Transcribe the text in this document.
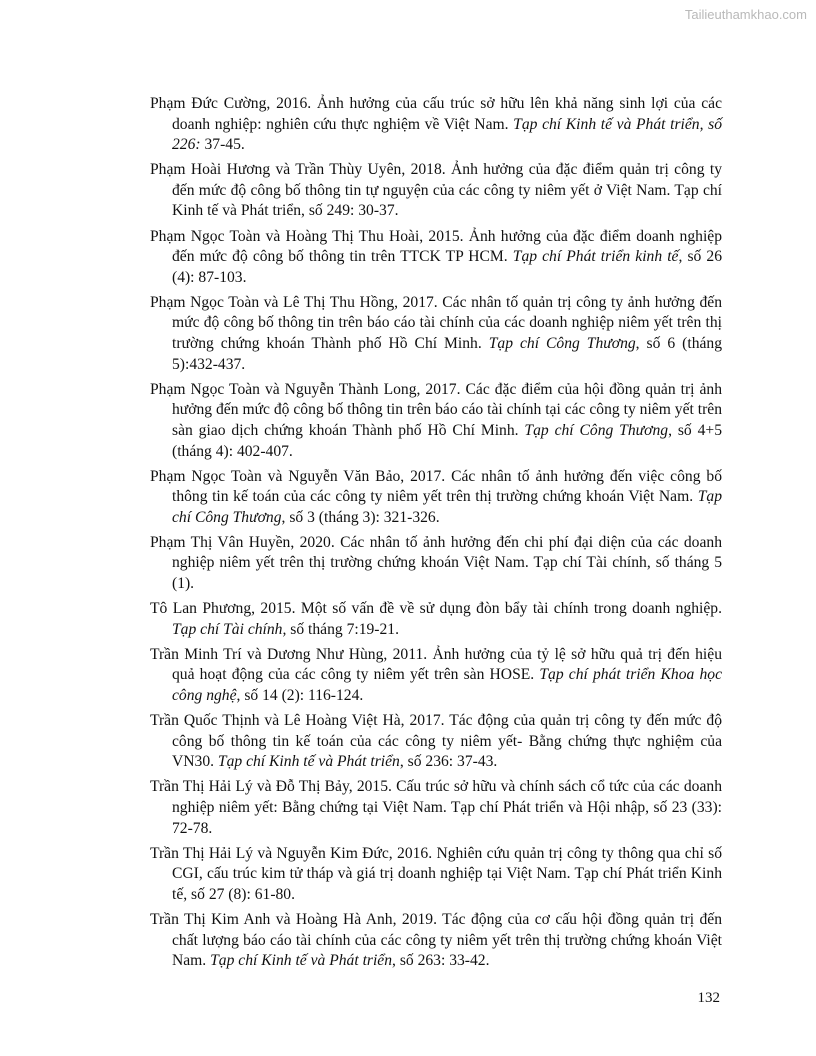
Tailieuthamkhao.com
Phạm Đức Cường, 2016. Ảnh hưởng của cấu trúc sở hữu lên khả năng sinh lợi của các doanh nghiệp: nghiên cứu thực nghiệm về Việt Nam. Tạp chí Kinh tế và Phát triển, số 226: 37-45.
Phạm Hoài Hương và Trần Thùy Uyên, 2018. Ảnh hưởng của đặc điểm quản trị công ty đến mức độ công bố thông tin tự nguyện của các công ty niêm yết ở Việt Nam. Tạp chí Kinh tế và Phát triển, số 249: 30-37.
Phạm Ngọc Toàn và Hoàng Thị Thu Hoài, 2015. Ảnh hưởng của đặc điểm doanh nghiệp đến mức độ công bố thông tin trên TTCK TP HCM. Tạp chí Phát triển kinh tế, số 26 (4): 87-103.
Phạm Ngọc Toàn và Lê Thị Thu Hồng, 2017. Các nhân tố quản trị công ty ảnh hưởng đến mức độ công bố thông tin trên báo cáo tài chính của các doanh nghiệp niêm yết trên thị trường chứng khoán Thành phố Hồ Chí Minh. Tạp chí Công Thương, số 6 (tháng 5):432-437.
Phạm Ngọc Toàn và Nguyễn Thành Long, 2017. Các đặc điểm của hội đồng quản trị ảnh hưởng đến mức độ công bố thông tin trên báo cáo tài chính tại các công ty niêm yết trên sàn giao dịch chứng khoán Thành phố Hồ Chí Minh. Tạp chí Công Thương, số 4+5 (tháng 4): 402-407.
Phạm Ngọc Toàn và Nguyễn Văn Bảo, 2017. Các nhân tố ảnh hưởng đến việc công bố thông tin kế toán của các công ty niêm yết trên thị trường chứng khoán Việt Nam. Tạp chí Công Thương, số 3 (tháng 3): 321-326.
Phạm Thị Vân Huyền, 2020. Các nhân tố ảnh hưởng đến chi phí đại diện của các doanh nghiệp niêm yết trên thị trường chứng khoán Việt Nam. Tạp chí Tài chính, số tháng 5 (1).
Tô Lan Phương, 2015. Một số vấn đề về sử dụng đòn bẩy tài chính trong doanh nghiệp. Tạp chí Tài chính, số tháng 7:19-21.
Trần Minh Trí và Dương Như Hùng, 2011. Ảnh hưởng của tỷ lệ sở hữu quả trị đến hiệu quả hoạt động của các công ty niêm yết trên sàn HOSE. Tạp chí phát triển Khoa học công nghệ, số 14 (2): 116-124.
Trần Quốc Thịnh và Lê Hoàng Việt Hà, 2017. Tác động của quản trị công ty đến mức độ công bố thông tin kế toán của các công ty niêm yết- Bằng chứng thực nghiệm của VN30. Tạp chí Kinh tế và Phát triển, số 236: 37-43.
Trần Thị Hải Lý và Đỗ Thị Bảy, 2015. Cấu trúc sở hữu và chính sách cổ tức của các doanh nghiệp niêm yết: Bằng chứng tại Việt Nam. Tạp chí Phát triển và Hội nhập, số 23 (33): 72-78.
Trần Thị Hải Lý và Nguyễn Kim Đức, 2016. Nghiên cứu quản trị công ty thông qua chỉ số CGI, cấu trúc kim tử tháp và giá trị doanh nghiệp tại Việt Nam. Tạp chí Phát triển Kinh tế, số 27 (8): 61-80.
Trần Thị Kim Anh và Hoàng Hà Anh, 2019. Tác động của cơ cấu hội đồng quản trị đến chất lượng báo cáo tài chính của các công ty niêm yết trên thị trường chứng khoán Việt Nam. Tạp chí Kinh tế và Phát triển, số 263: 33-42.
132
